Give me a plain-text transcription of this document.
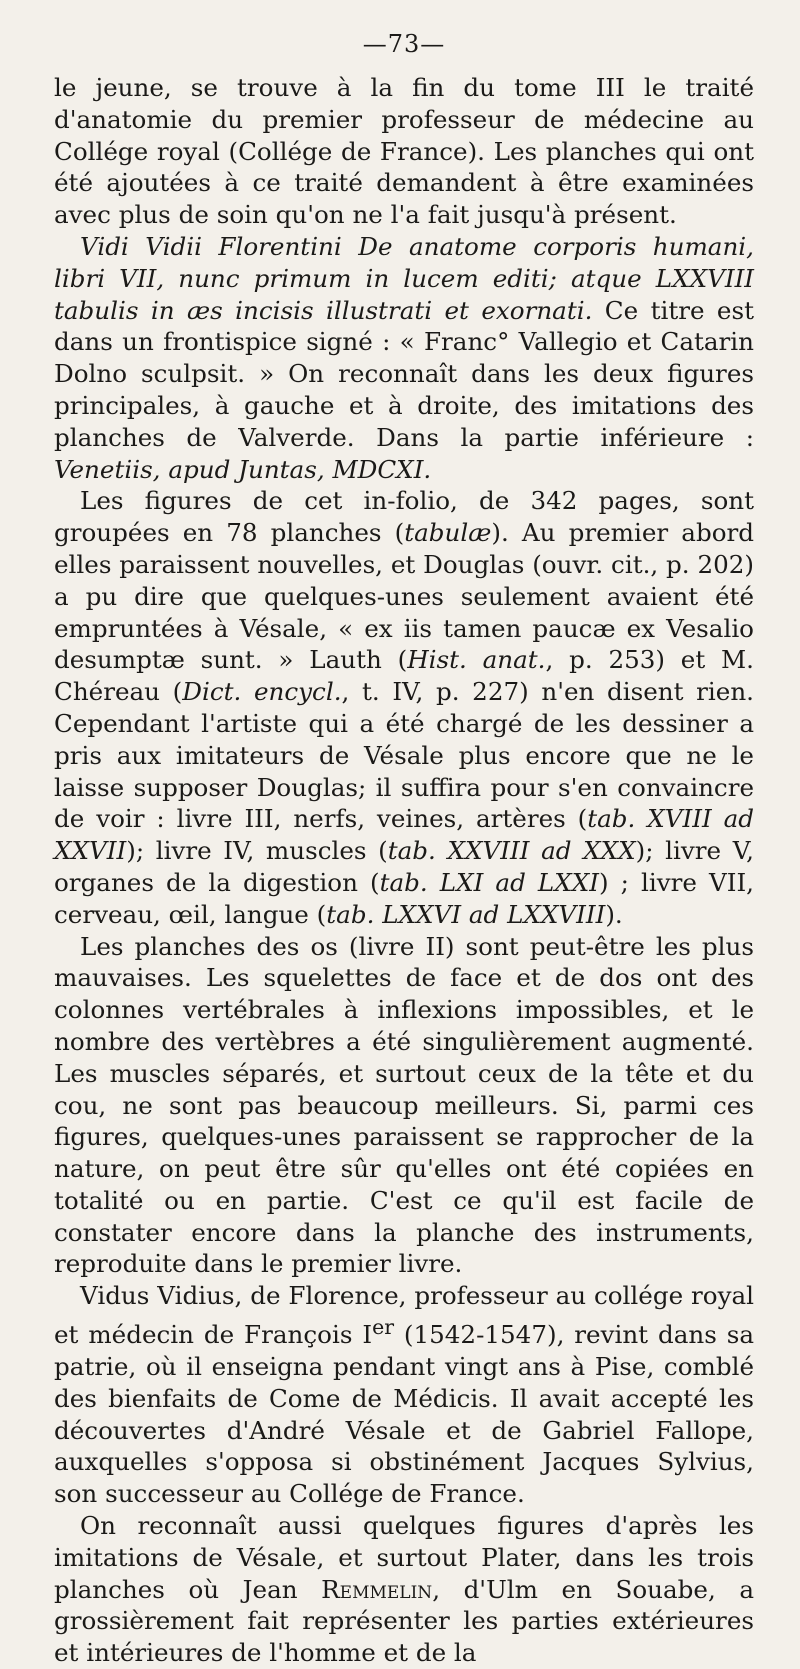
—73—

le jeune, se trouve à la fin du tome III le traité d'anatomie du premier professeur de médecine au Collége royal (Collége de France). Les planches qui ont été ajoutées à ce traité demandent à être examinées avec plus de soin qu'on ne l'a fait jusqu'à présent.

Vidi Vidii Florentini De anatome corporis humani, libri VII, nunc primum in lucem editi; atque LXXVIII tabulis in æs incisis illustrati et exornati. Ce titre est dans un frontispice signé : « Franc° Vallegio et Catarin Dolno sculpsit. » On reconnaît dans les deux figures principales, à gauche et à droite, des imitations des planches de Valverde. Dans la partie inférieure : Venetiis, apud Juntas, MDCXI.

Les figures de cet in-folio, de 342 pages, sont groupées en 78 planches (tabulæ). Au premier abord elles paraissent nouvelles, et Douglas (ouvr. cit., p. 202) a pu dire que quelques-unes seulement avaient été empruntées à Vésale, « ex iis tamen paucæ ex Vesalio desumptæ sunt. » Lauth (Hist. anat., p. 253) et M. Chéreau (Dict. encycl., t. IV, p. 227) n'en disent rien. Cependant l'artiste qui a été chargé de les dessiner a pris aux imitateurs de Vésale plus encore que ne le laisse supposer Douglas; il suffira pour s'en convaincre de voir : livre III, nerfs, veines, artères (tab. XVIII ad XXVII); livre IV, muscles (tab. XXVIII ad XXX); livre V, organes de la digestion (tab. LXI ad LXXI) ; livre VII, cerveau, œil, langue (tab. LXXVI ad LXXVIII).

Les planches des os (livre II) sont peut-être les plus mauvaises. Les squelettes de face et de dos ont des colonnes vertébrales à inflexions impossibles, et le nombre des vertèbres a été singulièrement augmenté. Les muscles séparés, et surtout ceux de la tête et du cou, ne sont pas beaucoup meilleurs. Si, parmi ces figures, quelques-unes paraissent se rapprocher de la nature, on peut être sûr qu'elles ont été copiées en totalité ou en partie. C'est ce qu'il est facile de constater encore dans la planche des instruments, reproduite dans le premier livre.

Vidus Vidius, de Florence, professeur au collége royal et médecin de François Ier (1542-1547), revint dans sa patrie, où il enseigna pendant vingt ans à Pise, comblé des bienfaits de Come de Médicis. Il avait accepté les découvertes d'André Vésale et de Gabriel Fallope, auxquelles s'opposa si obstinément Jacques Sylvius, son successeur au Collége de France.

On reconnaît aussi quelques figures d'après les imitations de Vésale, et surtout Plater, dans les trois planches où Jean Remmelin, d'Ulm en Souabe, a grossièrement fait représenter les parties extérieures et intérieures de l'homme et de la
